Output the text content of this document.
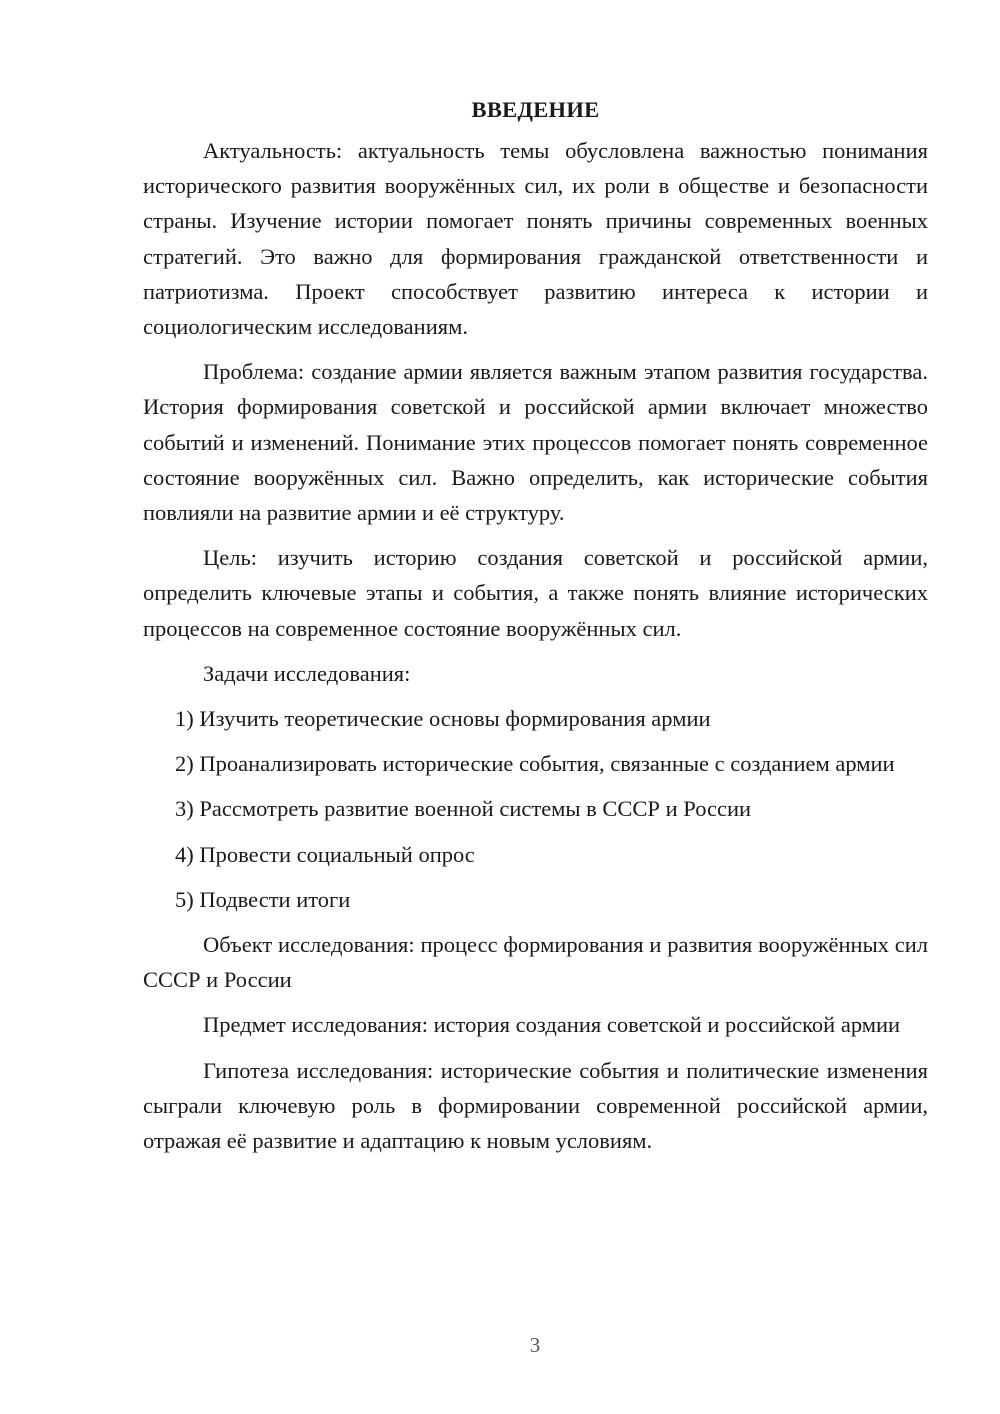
ВВЕДЕНИЕ

Актуальность: актуальность темы обусловлена важностью понимания исторического развития вооружённых сил, их роли в обществе и безопасности страны. Изучение истории помогает понять причины современных военных стратегий. Это важно для формирования гражданской ответственности и патриотизма. Проект способствует развитию интереса к истории и социологическим исследованиям.

Проблема: создание армии является важным этапом развития государства. История формирования советской и российской армии включает множество событий и изменений. Понимание этих процессов помогает понять современное состояние вооружённых сил. Важно определить, как исторические события повлияли на развитие армии и её структуру.

Цель: изучить историю создания советской и российской армии, определить ключевые этапы и события, а также понять влияние исторических процессов на современное состояние вооружённых сил.

Задачи исследования:

1) Изучить теоретические основы формирования армии

2) Проанализировать исторические события, связанные с созданием армии

3) Рассмотреть развитие военной системы в СССР и России

4) Провести социальный опрос

5) Подвести итоги

Объект исследования: процесс формирования и развития вооружённых сил СССР и России

Предмет исследования: история создания советской и российской армии

Гипотеза исследования: исторические события и политические изменения сыграли ключевую роль в формировании современной российской армии, отражая её развитие и адаптацию к новым условиям.

3
